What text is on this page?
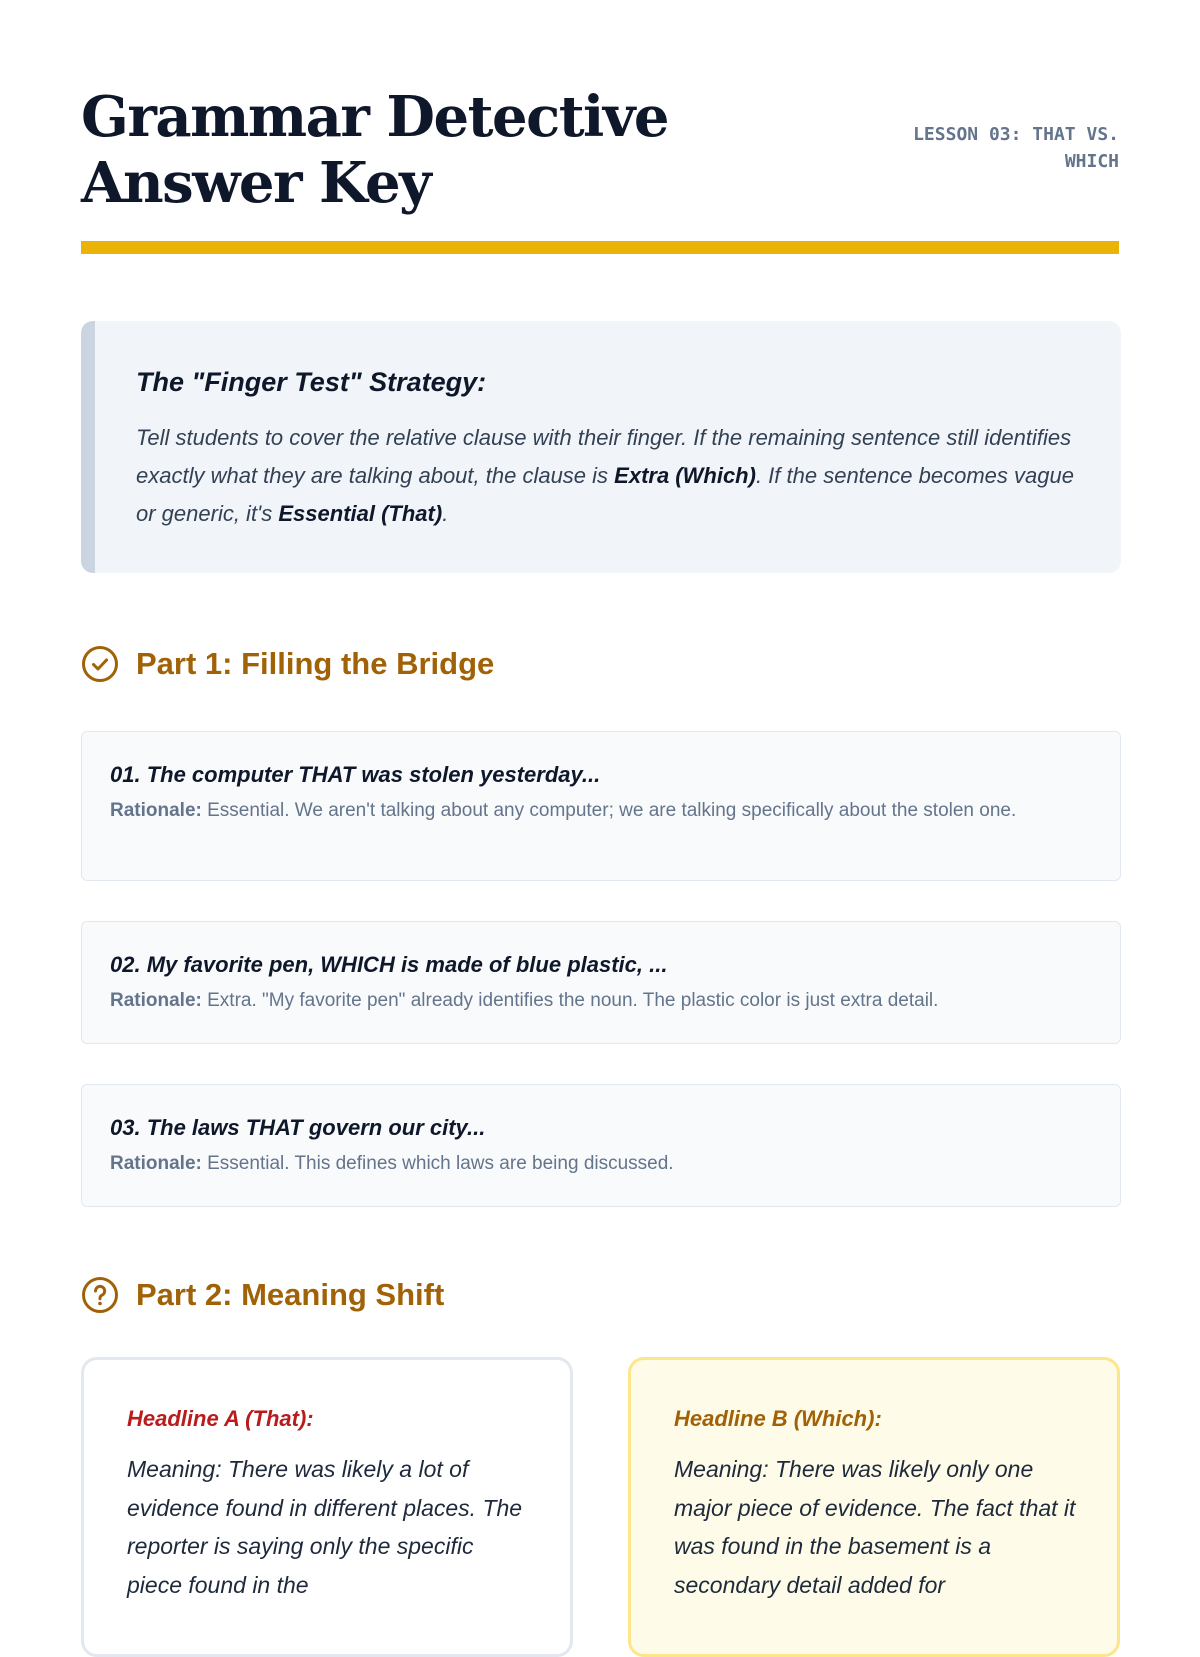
Grammar Detective Answer Key
LESSON 03: THAT VS. WHICH
The "Finger Test" Strategy:

Tell students to cover the relative clause with their finger. If the remaining sentence still identifies exactly what they are talking about, the clause is Extra (Which). If the sentence becomes vague or generic, it's Essential (That).

Part 1: Filling the Bridge
01. The computer THAT was stolen yesterday...
Rationale: Essential. We aren't talking about any computer; we are talking specifically about the stolen one.
02. My favorite pen, WHICH is made of blue plastic, ...
Rationale: Extra. "My favorite pen" already identifies the noun. The plastic color is just extra detail.
03. The laws THAT govern our city...
Rationale: Essential. This defines which laws are being discussed.
Part 2: Meaning Shift
Headline A (That):

Meaning: There was likely a lot of evidence found in different places. The reporter is saying only the specific piece found in the

Headline B (Which):

Meaning: There was likely only one major piece of evidence. The fact that it was found in the basement is a secondary detail added for
